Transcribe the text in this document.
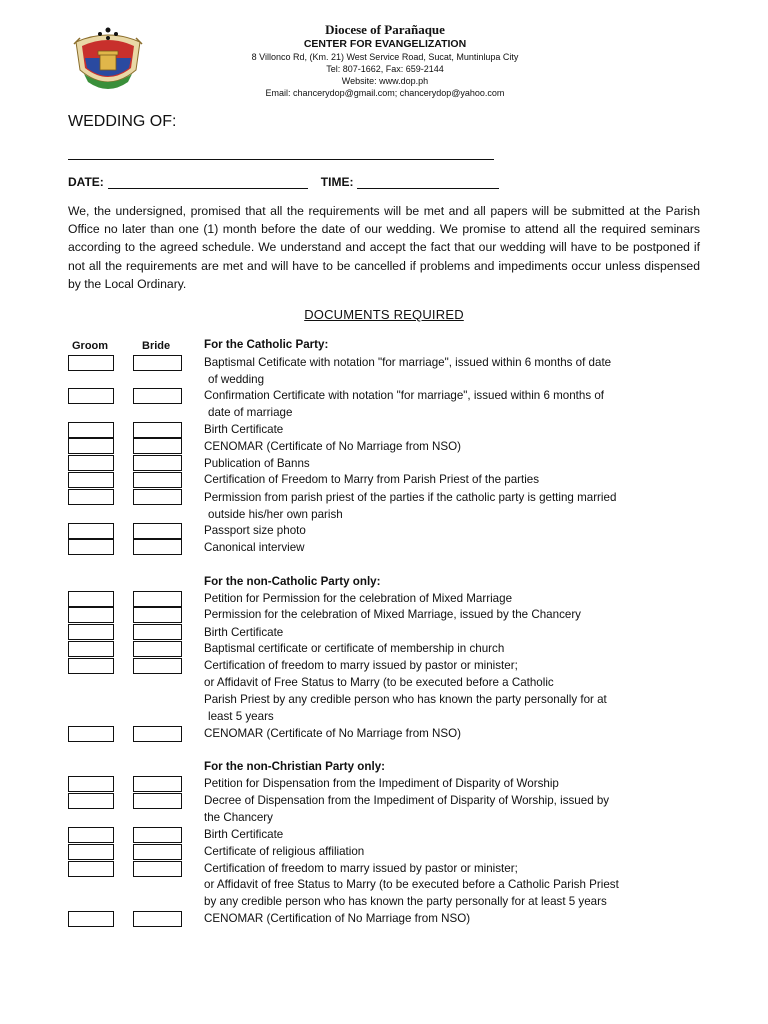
Diocese of Parañaque
CENTER FOR EVANGELIZATION
8 Villonco Rd, (Km. 21) West Service Road, Sucat, Muntinlupa City
Tel: 807-1662, Fax: 659-2144
Website: www.dop.ph
Email: chancerydop@gmail.com; chancerydop@yahoo.com
WEDDING OF:
DATE:	TIME:
We, the undersigned, promised that all the requirements will be met and all papers will be submitted at the Parish Office no later than one (1) month before the date of our wedding. We promise to attend all the required seminars according to the agreed schedule. We understand and accept the fact that our wedding will have to be postponed if not all the requirements are met and will have to be cancelled if problems and impediments occur unless dispensed by the Local Ordinary.
DOCUMENTS REQUIRED
Groom	Bride	For the Catholic Party:
Baptismal Cetificate with notation "for marriage", issued within 6 months of date
of wedding
Confirmation Certificate with notation "for marriage", issued within 6 months of
date of marriage
Birth Certificate
CENOMAR (Certificate of No Marriage from NSO)
Publication of Banns
Certification of Freedom to Marry from Parish Priest of the parties
Permission from parish priest of the parties if the catholic party is getting married
outside his/her own parish
Passport size photo
Canonical interview
For the non-Catholic Party only:
Petition for Permission for the celebration of Mixed Marriage
Permission for the celebration of Mixed Marriage, issued by the Chancery
Birth Certificate
Baptismal certificate or certificate of membership in church
Certification of freedom to marry issued by pastor or minister;
or Affidavit of Free Status to Marry (to be executed before a Catholic
Parish Priest by any credible person who has known the party personally for at
least 5 years
CENOMAR (Certificate of No Marriage from NSO)
For the non-Christian Party only:
Petition for Dispensation from the Impediment of Disparity of Worship
Decree of Dispensation from the Impediment of Disparity of Worship, issued by
the Chancery
Birth Certificate
Certificate of religious affiliation
Certification of freedom to marry issued by pastor or minister;
or Affidavit of free Status to Marry (to be executed before a Catholic Parish Priest
by any credible person who has known the party personally for at least 5 years
CENOMAR (Certification of No Marriage from NSO)
